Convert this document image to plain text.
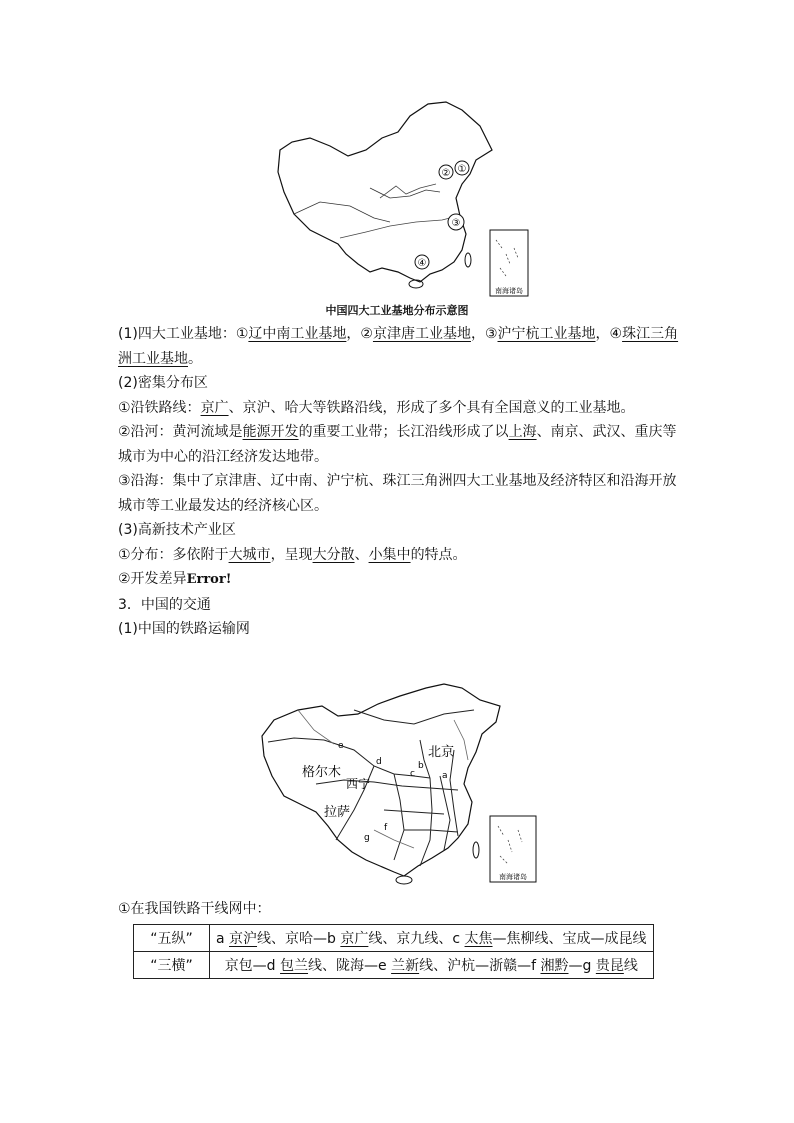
①
②
③
④
南海诸岛
中国四大工业基地分布示意图
(1)四大工业基地：①辽中南工业基地，②京津唐工业基地，③沪宁杭工业基地，④珠江三角
洲工业基地。
(2)密集分布区
①沿铁路线：京广、京沪、哈大等铁路沿线，形成了多个具有全国意义的工业基地。
②沿河：黄河流域是能源开发的重要工业带；长江沿线形成了以上海、南京、武汉、重庆等
城市为中心的沿江经济发达地带。
③沿海：集中了京津唐、辽中南、沪宁杭、珠江三角洲四大工业基地及经济特区和沿海开放
城市等工业最发达的经济核心区。
(3)高新技术产业区
①分布：多依附于大城市，呈现大分散、小集中的特点。
②开发差异Error!
3．中国的交通
(1)中国的铁路运输网
北京
格尔木
西宁
拉萨
a
b
c
d
e
f
g
南海诸岛
①在我国铁路干线网中：
“五纵”	a 京沪线、京哈—b 京广线、京九线、c 太焦—焦柳线、宝成—成昆线
“三横”	京包—d 包兰线、陇海—e 兰新线、沪杭—浙赣—f 湘黔—g 贵昆线
